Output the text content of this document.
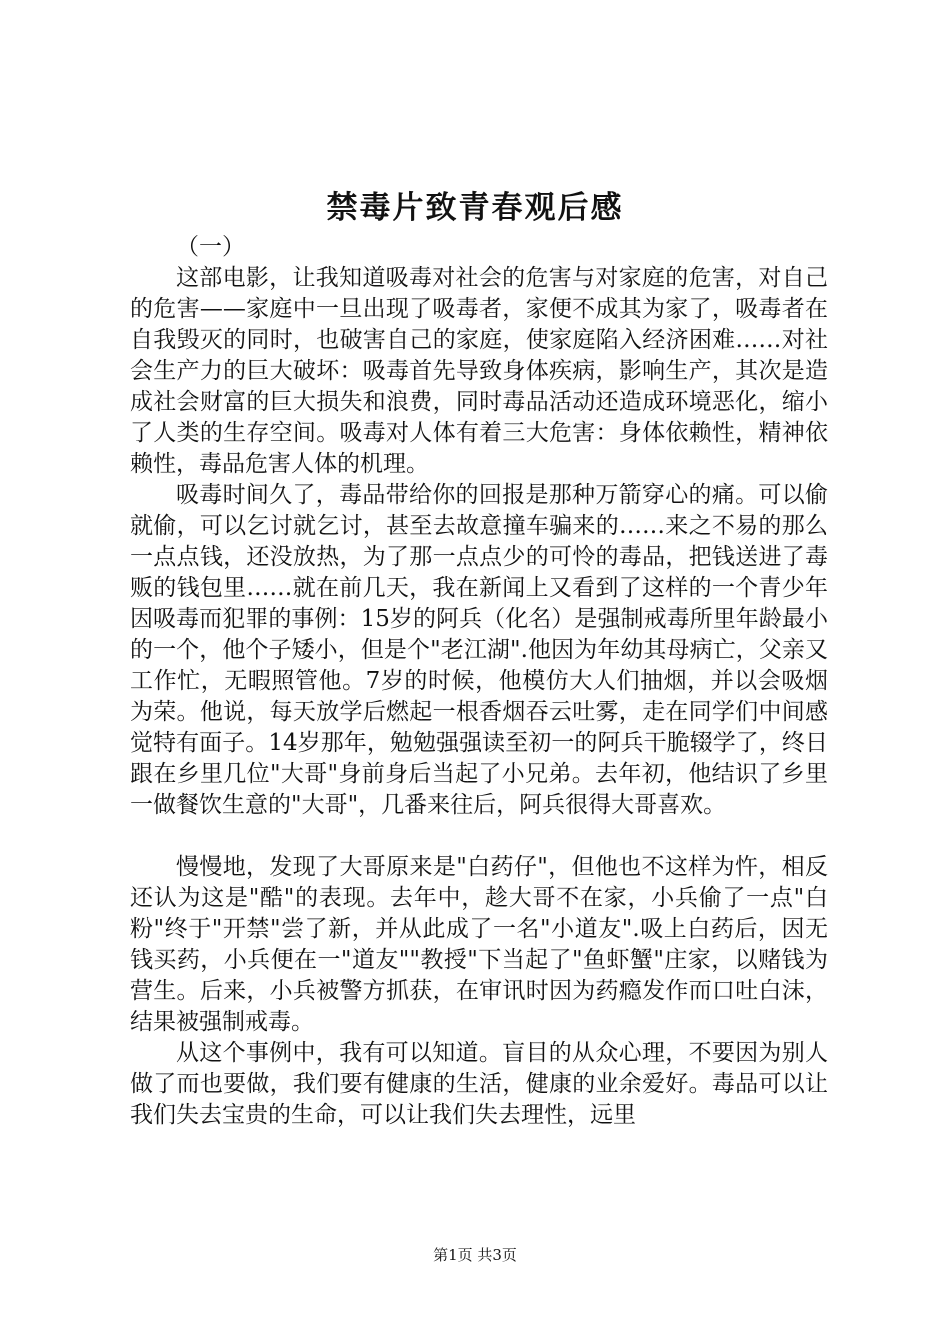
禁毒片致青春观后感

（一）

这部电影，让我知道吸毒对社会的危害与对家庭的危害，对自己的危害——家庭中一旦出现了吸毒者，家便不成其为家了，吸毒者在自我毁灭的同时，也破害自己的家庭，使家庭陷入经济困难……对社会生产力的巨大破坏：吸毒首先导致身体疾病，影响生产，其次是造成社会财富的巨大损失和浪费，同时毒品活动还造成环境恶化，缩小了人类的生存空间。吸毒对人体有着三大危害：身体依赖性，精神依赖性，毒品危害人体的机理。

吸毒时间久了，毒品带给你的回报是那种万箭穿心的痛。可以偷就偷，可以乞讨就乞讨，甚至去故意撞车骗来的……来之不易的那么一点点钱，还没放热，为了那一点点少的可怜的毒品，把钱送进了毒贩的钱包里……就在前几天，我在新闻上又看到了这样的一个青少年因吸毒而犯罪的事例：15岁的阿兵（化名）是强制戒毒所里年龄最小的一个，他个子矮小，但是个"老江湖".他因为年幼其母病亡，父亲又工作忙，无暇照管他。7岁的时候，他模仿大人们抽烟，并以会吸烟为荣。他说，每天放学后燃起一根香烟吞云吐雾，走在同学们中间感觉特有面子。14岁那年，勉勉强强读至初一的阿兵干脆辍学了，终日跟在乡里几位"大哥"身前身后当起了小兄弟。去年初，他结识了乡里一做餐饮生意的"大哥"，几番来往后，阿兵很得大哥喜欢。

慢慢地，发现了大哥原来是"白药仔"，但他也不这样为忤，相反还认为这是"酷"的表现。去年中，趁大哥不在家，小兵偷了一点"白粉"终于"开禁"尝了新，并从此成了一名"小道友".吸上白药后，因无钱买药，小兵便在一"道友""教授"下当起了"鱼虾蟹"庄家，以赌钱为营生。后来，小兵被警方抓获，在审讯时因为药瘾发作而口吐白沫，结果被强制戒毒。

从这个事例中，我有可以知道。盲目的从众心理，不要因为别人做了而也要做，我们要有健康的生活，健康的业余爱好。毒品可以让我们失去宝贵的生命，可以让我们失去理性，远里

第1页 共3页
